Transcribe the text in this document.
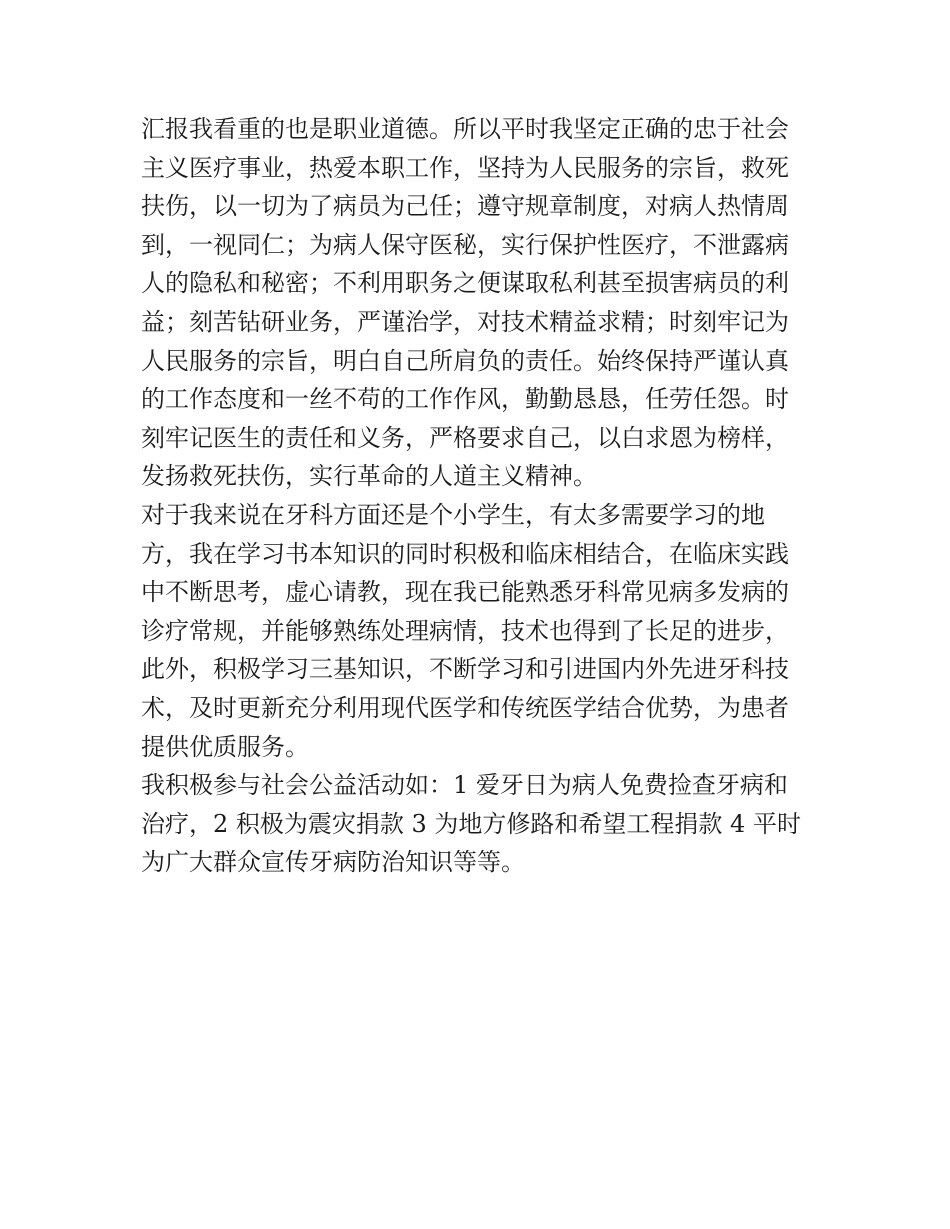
汇报我看重的也是职业道德。所以平时我坚定正确的忠于社会
主义医疗事业，热爱本职工作，坚持为人民服务的宗旨，救死
扶伤，以一切为了病员为己任；遵守规章制度，对病人热情周
到，一视同仁；为病人保守医秘，实行保护性医疗，不泄露病
人的隐私和秘密；不利用职务之便谋取私利甚至损害病员的利
益；刻苦钻研业务，严谨治学，对技术精益求精；时刻牢记为
人民服务的宗旨，明白自己所肩负的责任。始终保持严谨认真
的工作态度和一丝不苟的工作作风，勤勤恳恳，任劳任怨。时
刻牢记医生的责任和义务，严格要求自己，以白求恩为榜样，
发扬救死扶伤，实行革命的人道主义精神。

对于我来说在牙科方面还是个小学生，有太多需要学习的地
方，我在学习书本知识的同时积极和临床相结合，在临床实践
中不断思考，虚心请教，现在我已能熟悉牙科常见病多发病的
诊疗常规，并能够熟练处理病情，技术也得到了长足的进步，
此外，积极学习三基知识，不断学习和引进国内外先进牙科技
术，及时更新充分利用现代医学和传统医学结合优势，为患者
提供优质服务。

我积极参与社会公益活动如：1 爱牙日为病人免费捡查牙病和
治疗，2 积极为震灾捐款 3 为地方修路和希望工程捐款 4 平时
为广大群众宣传牙病防治知识等等。
